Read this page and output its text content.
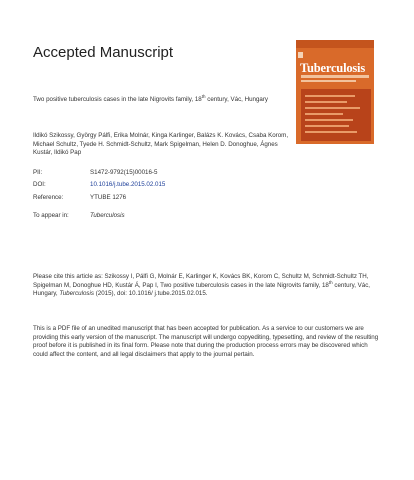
Accepted Manuscript
Two positive tuberculosis cases in the late Nigrovits family, 18th century, Vác, Hungary
Ildikó Szikossy, György Pálfi, Erika Molnár, Kinga Karlinger, Balázs K. Kovács, Csaba Korom, Michael Schultz, Tyede H. Schmidt-Schultz, Mark Spigelman, Helen D. Donoghue, Ágnes Kustár, Ildikó Pap
PII:	S1472-9792(15)00016-5
DOI:	10.1016/j.tube.2015.02.015
Reference:	YTUBE 1276
To appear in:	Tuberculosis
Tuberculosis
Please cite this article as: Szikossy I, Pálfi G, Molnár E, Karlinger K, Kovács BK, Korom C, Schultz M, Schmidt-Schultz TH, Spigelman M, Donoghue HD, Kustár Á, Pap I, Two positive tuberculosis cases in the late Nigrovits family, 18th century, Vác, Hungary, Tuberculosis (2015), doi: 10.1016/ j.tube.2015.02.015.
This is a PDF file of an unedited manuscript that has been accepted for publication. As a service to our customers we are providing this early version of the manuscript. The manuscript will undergo copyediting, typesetting, and review of the resulting proof before it is published in its final form. Please note that during the production process errors may be discovered which could affect the content, and all legal disclaimers that apply to the journal pertain.
